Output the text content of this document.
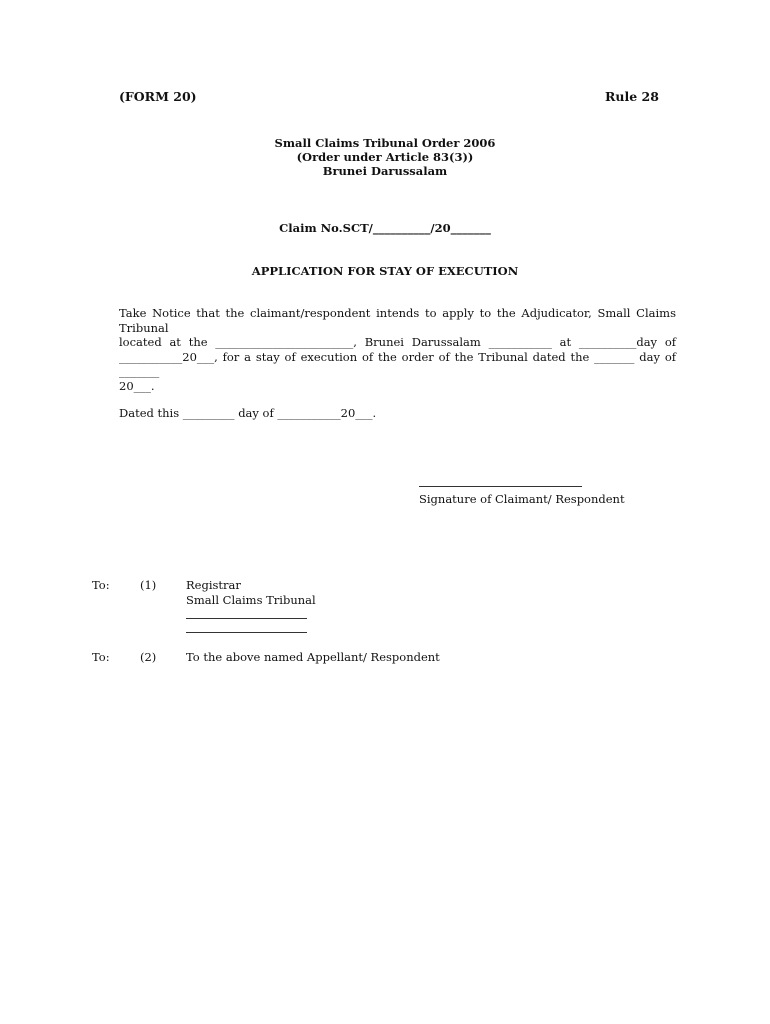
(FORM 20)	Rule 28
Small Claims Tribunal Order 2006
(Order under Article 83(3))
Brunei Darussalam
Claim No.SCT/__________/20_______
APPLICATION FOR STAY OF EXECUTION
Take Notice that the claimant/respondent intends to apply to the Adjudicator, Small Claims Tribunal
located at the ________________________, Brunei Darussalam ___________ at __________day of
___________20___, for a stay of execution of the order of the Tribunal dated the _______ day of _______
20___.
Dated this _________ day of ___________20___.
Signature of Claimant/ Respondent
To:	(1)	Registrar
Small Claims Tribunal
To:	(2)	To the above named Appellant/ Respondent
